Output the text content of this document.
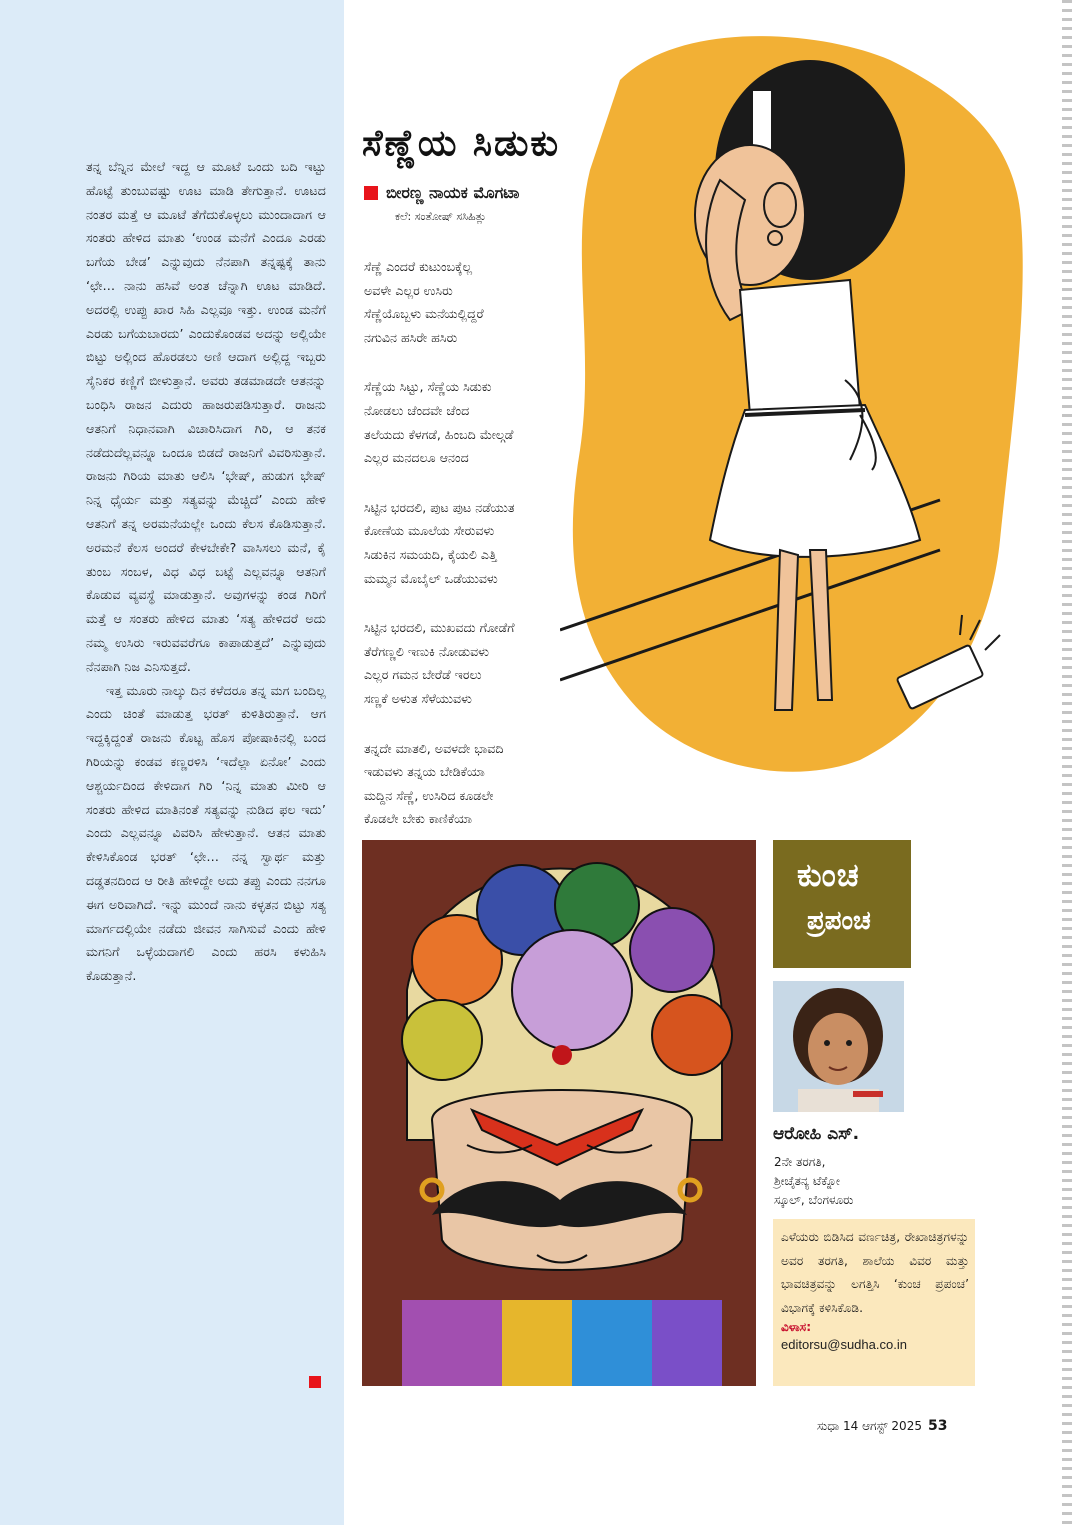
ತನ್ನ ಬೆನ್ನಿನ ಮೇಲೆ ಇದ್ದ ಆ ಮೂಟೆ ಒಂದು ಬದಿ ಇಟ್ಟು ಹೊಟ್ಟೆ ತುಂಬುವಷ್ಟು ಊಟ ಮಾಡಿ ತೇಗುತ್ತಾನೆ. ಊಟದ ನಂತರ ಮತ್ತೆ ಆ ಮೂಟೆ ತೆಗೆದುಕೊಳ್ಳಲು ಮುಂದಾದಾಗ ಆ ಸಂತರು ಹೇಳಿದ ಮಾತು ‘ಉಂಡ ಮನೆಗೆ ಎಂದೂ ಎರಡು ಬಗೆಯ ಬೇಡ’ ಎನ್ನುವುದು ನೆನಪಾಗಿ ತನ್ನಷ್ಟಕ್ಕೆ ತಾನು ‘ಛೇ… ನಾನು ಹಸಿವೆ ಅಂತ ಚೆನ್ನಾಗಿ ಊಟ ಮಾಡಿದೆ. ಅದರಲ್ಲಿ ಉಪ್ಪು ಖಾರ ಸಿಹಿ ಎಲ್ಲವೂ ಇತ್ತು. ಉಂಡ ಮನೆಗೆ ಎರಡು ಬಗೆಯಬಾರದು’ ಎಂದುಕೊಂಡವ ಅದನ್ನು ಅಲ್ಲಿಯೇ ಬಿಟ್ಟು ಅಲ್ಲಿಂದ ಹೊರಡಲು ಅಣಿ ಆದಾಗ ಅಲ್ಲಿದ್ದ ಇಬ್ಬರು ಸೈನಿಕರ ಕಣ್ಣಿಗೆ ಬೀಳುತ್ತಾನೆ. ಅವರು ತಡಮಾಡದೇ ಆತನನ್ನು ಬಂಧಿಸಿ ರಾಜನ ಎದುರು ಹಾಜರುಪಡಿಸುತ್ತಾರೆ. ರಾಜನು ಆತನಿಗೆ ನಿಧಾನವಾಗಿ ವಿಚಾರಿಸಿದಾಗ ಗಿರಿ, ಆ ತನಕ ನಡೆದುದೆಲ್ಲವನ್ನೂ ಒಂದೂ ಬಿಡದೆ ರಾಜನಿಗೆ ವಿವರಿಸುತ್ತಾನೆ. ರಾಜನು ಗಿರಿಯ ಮಾತು ಆಲಿಸಿ ‘ಭೇಷ್, ಹುಡುಗ ಭೇಷ್ ನಿನ್ನ ಧೈರ್ಯ ಮತ್ತು ಸತ್ಯವನ್ನು ಮೆಚ್ಚಿದೆ’ ಎಂದು ಹೇಳಿ ಆತನಿಗೆ ತನ್ನ ಅರಮನೆಯಲ್ಲೇ ಒಂದು ಕೆಲಸ ಕೊಡಿಸುತ್ತಾನೆ. ಅರಮನೆ ಕೆಲಸ ಅಂದರೆ ಕೇಳಬೇಕೇ? ವಾಸಿಸಲು ಮನೆ, ಕೈ ತುಂಬ ಸಂಬಳ, ವಿಧ ವಿಧ ಬಟ್ಟೆ ಎಲ್ಲವನ್ನೂ ಆತನಿಗೆ ಕೊಡುವ ವ್ಯವಸ್ಥೆ ಮಾಡುತ್ತಾನೆ. ಅವುಗಳನ್ನು ಕಂಡ ಗಿರಿಗೆ ಮತ್ತೆ ಆ ಸಂತರು ಹೇಳಿದ ಮಾತು ‘ಸತ್ಯ ಹೇಳಿದರೆ ಅದು ನಮ್ಮ ಉಸಿರು ಇರುವವರೆಗೂ ಕಾಪಾಡುತ್ತದೆ’ ಎನ್ನುವುದು ನೆನಪಾಗಿ ನಿಜ ಎನಿಸುತ್ತದೆ.

ಇತ್ತ ಮೂರು ನಾಲ್ಕು ದಿನ ಕಳೆದರೂ ತನ್ನ ಮಗ ಬಂದಿಲ್ಲ ಎಂದು ಚಿಂತೆ ಮಾಡುತ್ತ ಭರತ್ ಕುಳಿತಿರುತ್ತಾನೆ. ಆಗ ಇದ್ದಕ್ಕಿದ್ದಂತೆ ರಾಜನು ಕೊಟ್ಟ ಹೊಸ ಪೋಷಾಕಿನಲ್ಲಿ ಬಂದ ಗಿರಿಯನ್ನು ಕಂಡವ ಕಣ್ಣರಳಿಸಿ ‘ಇದೆಲ್ಲಾ ಏನೋ’ ಎಂದು ಆಶ್ಚರ್ಯದಿಂದ ಕೇಳಿದಾಗ ಗಿರಿ ‘ನಿನ್ನ ಮಾತು ಮೀರಿ ಆ ಸಂತರು ಹೇಳಿದ ಮಾತಿನಂತೆ ಸತ್ಯವನ್ನು ನುಡಿದ ಫಲ ಇದು’ ಎಂದು ಎಲ್ಲವನ್ನೂ ವಿವರಿಸಿ ಹೇಳುತ್ತಾನೆ. ಆತನ ಮಾತು ಕೇಳಿಸಿಕೊಂಡ ಭರತ್ ‘ಛೇ… ನನ್ನ ಸ್ವಾರ್ಥ ಮತ್ತು ದಡ್ಡತನದಿಂದ ಆ ರೀತಿ ಹೇಳಿದ್ದೇ ಅದು ತಪ್ಪು ಎಂದು ನನಗೂ ಈಗ ಅರಿವಾಗಿದೆ. ಇನ್ನು ಮುಂದೆ ನಾನು ಕಳ್ಳತನ ಬಿಟ್ಟು ಸತ್ಯ ಮಾರ್ಗದಲ್ಲಿಯೇ ನಡೆದು ಜೀವನ ಸಾಗಿಸುವೆ ಎಂದು ಹೇಳಿ ಮಗನಿಗೆ ಒಳ್ಳೆಯದಾಗಲಿ ಎಂದು ಹರಸಿ ಕಳುಹಿಸಿ ಕೊಡುತ್ತಾನೆ.

ಸೆಣ್ಣೆಯ ಸಿಡುಕು
ಬೀರಣ್ಣ ನಾಯಕ ಮೊಗಟಾ

ಕಲೆ: ಸಂತೋಷ್ ಸಸಿಹಿತ್ಲು

ಸೆಣ್ಣೆ ಎಂದರೆ ಕುಟುಂಬಕ್ಕೆಲ್ಲ
ಅವಳೇ ಎಲ್ಲರ ಉಸಿರು
ಸೆಣ್ಣೆಯೊಬ್ಬಳು ಮನೆಯಲ್ಲಿದ್ದರೆ
ನಗುವಿನ ಹಸಿರೇ ಹಸಿರು
ಸೆಣ್ಣೆಯ ಸಿಟ್ಟು, ಸೆಣ್ಣೆಯ ಸಿಡುಕು
ನೋಡಲು ಚೆಂದವೇ ಚೆಂದ
ತಲೆಯದು ಕೆಳಗಡೆ, ಹಿಂಬದಿ ಮೇಲ್ಗಡೆ
ಎಲ್ಲರ ಮನದಲೂ ಆನಂದ
ಸಿಟ್ಟಿನ ಭರದಲಿ, ಪುಟ ಪುಟ ನಡೆಯುತ
ಕೋಣೆಯ ಮೂಲೆಯ ಸೇರುವಳು
ಸಿಡುಕಿನ ಸಮಯದಿ, ಕೈಯಲಿ ಎತ್ತಿ
ಮಮ್ಮನ ಮೊಬೈಲ್ ಒಡೆಯುವಳು
ಸಿಟ್ಟಿನ ಭರದಲಿ, ಮುಖವದು ಗೋಡೆಗೆ
ತೆರೆಗಣ್ಣಲಿ ಇಣುಕಿ ನೋಡುವಳು
ಎಲ್ಲರ ಗಮನ ಬೇರೆಡೆ ಇರಲು
ಸಣ್ಣಕೆ ಅಳುತ ಸೆಳೆಯುವಳು
ತನ್ನದೇ ಮಾತಲಿ, ಅವಳದೇ ಭಾವದಿ
ಇಡುವಳು ತನ್ನಯ ಬೇಡಿಕೆಯಾ
ಮದ್ದಿನ ಸೆಣ್ಣೆ, ಉಸಿರಿದ ಕೂಡಲೇ
ಕೊಡಲೇ ಬೇಕು ಕಾಣಿಕೆಯಾ
ಕುಂಚ
ಪ್ರಪಂಚ

ಆರೋಹಿ ಎಸ್.

2ನೇ ತರಗತಿ,
ಶ್ರೀಚೈತನ್ಯ ಟೆಕ್ನೋ
ಸ್ಕೂಲ್, ಬೆಂಗಳೂರು

ಎಳೆಯರು ಬಿಡಿಸಿದ ವರ್ಣಚಿತ್ರ, ರೇಖಾಚಿತ್ರಗಳನ್ನು ಅವರ ತರಗತಿ, ಶಾಲೆಯ ವಿವರ ಮತ್ತು ಭಾವಚಿತ್ರವನ್ನು ಲಗತ್ತಿಸಿ ‘ಕುಂಚ ಪ್ರಪಂಚ’ ವಿಭಾಗಕ್ಕೆ ಕಳಿಸಿಕೊಡಿ.

ವಿಳಾಸ:
editorsu@sudha.co.in
ಸುಧಾ 14 ಆಗಸ್ಟ್ 2025 53
